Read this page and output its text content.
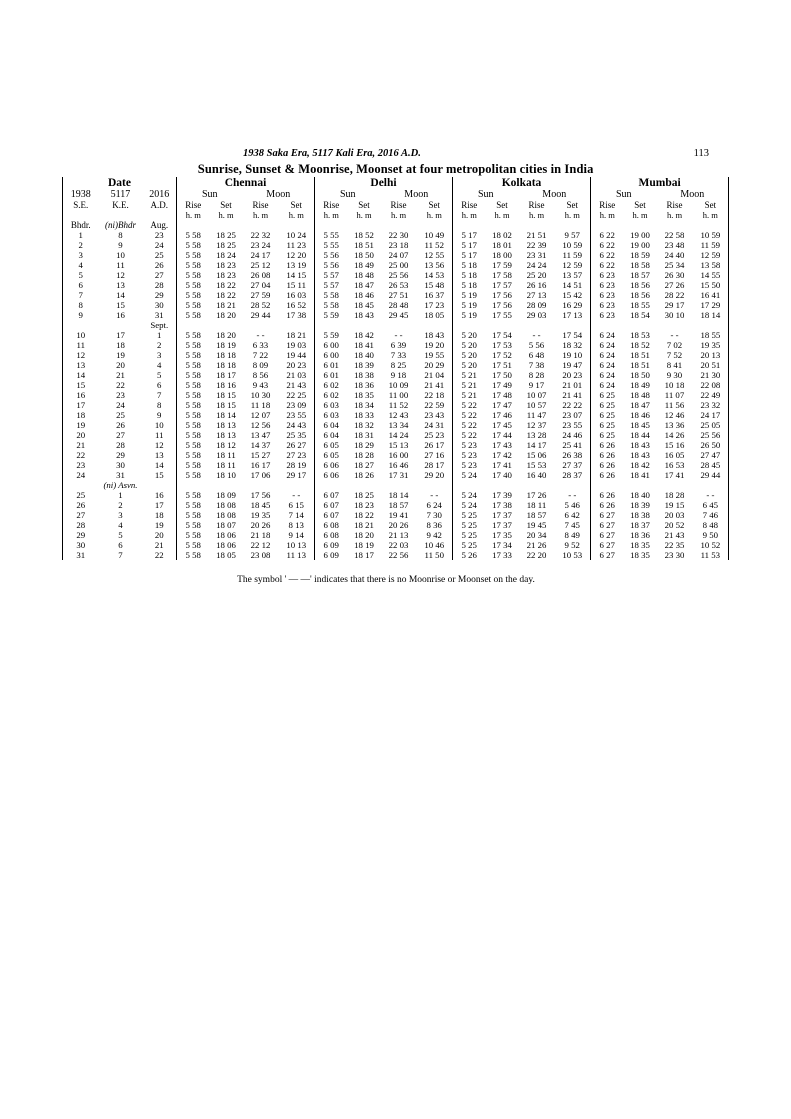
1938 Saka Era, 5117 Kali Era, 2016 A.D.	113
Sunrise, Sunset & Moonrise, Moonset at four metropolitan cities in India																		
Date			Chennai				Delhi				Kolkata				Mumbai			
1938	5117	2016	Sun		Moon		Sun		Moon		Sun		Moon		Sun		Moon	
S.E.	K.E.	A.D.	Rise	Set	Rise	Set	Rise	Set	Rise	Set	Rise	Set	Rise	Set	Rise	Set	Rise	Set
			h. m	h. m	h. m	h. m	h. m	h. m	h. m	h. m	h. m	h. m	h. m	h. m	h. m	h. m	h. m	h. m
Bhdr.	(ni)Bhdr	Aug.																
1	8	23	5 58	18 25	22 32	10 24	5 55	18 52	22 30	10 49	5 17	18 02	21 51	9 57	6 22	19 00	22 58	10 59
2	9	24	5 58	18 25	23 24	11 23	5 55	18 51	23 18	11 52	5 17	18 01	22 39	10 59	6 22	19 00	23 48	11 59
3	10	25	5 58	18 24	24 17	12 20	5 56	18 50	24 07	12 55	5 17	18 00	23 31	11 59	6 22	18 59	24 40	12 59
4	11	26	5 58	18 23	25 12	13 19	5 56	18 49	25 00	13 56	5 18	17 59	24 24	12 59	6 22	18 58	25 34	13 58
5	12	27	5 58	18 23	26 08	14 15	5 57	18 48	25 56	14 53	5 18	17 58	25 20	13 57	6 23	18 57	26 30	14 55
6	13	28	5 58	18 22	27 04	15 11	5 57	18 47	26 53	15 48	5 18	17 57	26 16	14 51	6 23	18 56	27 26	15 50
7	14	29	5 58	18 22	27 59	16 03	5 58	18 46	27 51	16 37	5 19	17 56	27 13	15 42	6 23	18 56	28 22	16 41
8	15	30	5 58	18 21	28 52	16 52	5 58	18 45	28 48	17 23	5 19	17 56	28 09	16 29	6 23	18 55	29 17	17 29
9	16	31	5 58	18 20	29 44	17 38	5 59	18 43	29 45	18 05	5 19	17 55	29 03	17 13	6 23	18 54	30 10	18 14
		Sept.																
10	17	1	5 58	18 20	- -	18 21	5 59	18 42	- -	18 43	5 20	17 54	- -	17 54	6 24	18 53	- -	18 55
11	18	2	5 58	18 19	6 33	19 03	6 00	18 41	6 39	19 20	5 20	17 53	5 56	18 32	6 24	18 52	7 02	19 35
12	19	3	5 58	18 18	7 22	19 44	6 00	18 40	7 33	19 55	5 20	17 52	6 48	19 10	6 24	18 51	7 52	20 13
13	20	4	5 58	18 18	8 09	20 23	6 01	18 39	8 25	20 29	5 20	17 51	7 38	19 47	6 24	18 51	8 41	20 51
14	21	5	5 58	18 17	8 56	21 03	6 01	18 38	9 18	21 04	5 21	17 50	8 28	20 23	6 24	18 50	9 30	21 30
15	22	6	5 58	18 16	9 43	21 43	6 02	18 36	10 09	21 41	5 21	17 49	9 17	21 01	6 24	18 49	10 18	22 08
16	23	7	5 58	18 15	10 30	22 25	6 02	18 35	11 00	22 18	5 21	17 48	10 07	21 41	6 25	18 48	11 07	22 49
17	24	8	5 58	18 15	11 18	23 09	6 03	18 34	11 52	22 59	5 22	17 47	10 57	22 22	6 25	18 47	11 56	23 32
18	25	9	5 58	18 14	12 07	23 55	6 03	18 33	12 43	23 43	5 22	17 46	11 47	23 07	6 25	18 46	12 46	24 17
19	26	10	5 58	18 13	12 56	24 43	6 04	18 32	13 34	24 31	5 22	17 45	12 37	23 55	6 25	18 45	13 36	25 05
20	27	11	5 58	18 13	13 47	25 35	6 04	18 31	14 24	25 23	5 22	17 44	13 28	24 46	6 25	18 44	14 26	25 56
21	28	12	5 58	18 12	14 37	26 27	6 05	18 29	15 13	26 17	5 23	17 43	14 17	25 41	6 26	18 43	15 16	26 50
22	29	13	5 58	18 11	15 27	27 23	6 05	18 28	16 00	27 16	5 23	17 42	15 06	26 38	6 26	18 43	16 05	27 47
23	30	14	5 58	18 11	16 17	28 19	6 06	18 27	16 46	28 17	5 23	17 41	15 53	27 37	6 26	18 42	16 53	28 45
24	31	15	5 58	18 10	17 06	29 17	6 06	18 26	17 31	29 20	5 24	17 40	16 40	28 37	6 26	18 41	17 41	29 44
	(ni) Asvn.																	
25	1	16	5 58	18 09	17 56	- -	6 07	18 25	18 14	- -	5 24	17 39	17 26	- -	6 26	18 40	18 28	- -
26	2	17	5 58	18 08	18 45	6 15	6 07	18 23	18 57	6 24	5 24	17 38	18 11	5 46	6 26	18 39	19 15	6 45
27	3	18	5 58	18 08	19 35	7 14	6 07	18 22	19 41	7 30	5 25	17 37	18 57	6 42	6 27	18 38	20 03	7 46
28	4	19	5 58	18 07	20 26	8 13	6 08	18 21	20 26	8 36	5 25	17 37	19 45	7 45	6 27	18 37	20 52	8 48
29	5	20	5 58	18 06	21 18	9 14	6 08	18 20	21 13	9 42	5 25	17 35	20 34	8 49	6 27	18 36	21 43	9 50
30	6	21	5 58	18 06	22 12	10 13	6 09	18 19	22 03	10 46	5 25	17 34	21 26	9 52	6 27	18 35	22 35	10 52
31	7	22	5 58	18 05	23 08	11 13	6 09	18 17	22 56	11 50	5 26	17 33	22 20	10 53	6 27	18 35	23 30	11 53

The symbol ' — —' indicates that there is no Moonrise or Moonset on the day.
